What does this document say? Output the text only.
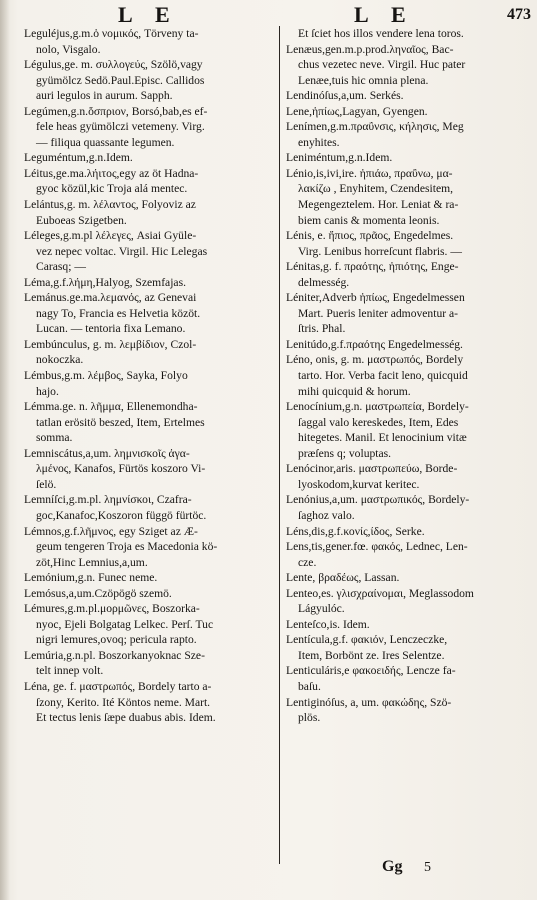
L E	L E	473
Leguléjus,g.m.ὁ νομικός, Törveny ta-
nolo, Visgalo.
Légulus,ge. m. συλλογεύς, Szölö,vagy
gyümölcz Sedö.Paul.Episc. Callidos
auri legulos in aurum. Sapph.
Legúmen,g.n.ὄσπριον, Borsó,bab,es ef-
fele heas gyümölczi vetemeny. Virg.
— filiqua quassante legumen.
Leguméntum,g.n.Idem.
Léitus,ge.ma.λήιτος,egy az öt Hadna-
gyoc közül,kic Troja alá mentec.
Lelántus,g. m. λέλαντος, Folyoviz az
Euboeas Szigetben.
Léleges,g.m.pl λέλεγες, Asiai Gyüle-
vez nepec voltac. Virgil. Hic Lelegas
Carasq; —
Léma,g.f.λήμη,Halyog, Szemfajas.
Lemánus.ge.ma.λεμανός, az Genevai
nagy To, Francia es Helvetia közöt.
Lucan. — tentoria fixa Lemano.
Lembúnculus, g. m. λεμβίδιον, Czol-
nokoczka.
Lémbus,g.m. λέμβος, Sayka, Folyo
hajo.
Lémma.ge. n. λῆμμα, Ellenemondha-
tatlan erösitö beszed, Item, Ertelmes
somma.
Lemniscátus,a,um. λημνισκοῖς ἀγα-
λμένος, Kanafos, Fürtös koszoro Vi-
ſelö.
Lemníſci,g.m.pl. λημνίσκοι, Czafra-
goc,Kanafoc,Koszoron függö fürtöc.
Lémnos,g.f.λῆμνος, egy Sziget az Æ-
geum tengeren Troja es Macedonia kö-
zöt,Hinc Lemnius,a,um.
Lemónium,g.n. Funec neme.
Lemósus,a,um.Czöpögö szemö.
Lémures,g.m.pl.μορμῶνες, Boszorka-
nyoc, Ejeli Bolgatag Lelkec. Perſ. Tuc
nigri lemures,ovoq; pericula rapto.
Lemúria,g.n.pl. Boszorkanyoknac Sze-
telt innep volt.
Léna, ge. f. μαστρωπός, Bordely tarto a-
ſzony, Kerito. Ité Köntos neme. Mart.
Et tectus lenis ſæpe duabus abis. Idem.
Et ſciet hos illos vendere lena toros.
Lenæus,gen.m.p.prod.ληναῖος, Bac-
chus vezetec neve. Virgil. Huc pater
Lenæe,tuis hic omnia plena.
Lendinóſus,a,um. Serkés.
Lene,ἠπίως,Lagyan, Gyengen.
Lenímen,g.m.πραΰνσις, κήλησις, Meg
enyhites.
Leniméntum,g.n.Idem.
Lénio,is,ivi,ire. ἠπιάω, πραΰνω, μα-
λακίζω , Enyhitem, Czendesitem,
Megengeztelem. Hor. Leniat & ra-
biem canis & momenta leonis.
Lénis, e. ἤπιος, πρᾶος, Engedelmes.
Virg. Lenibus horreſcunt flabris. —
Lénitas,g. f. πραότης, ἠπιότης, Enge-
delmesség.
Léniter,Adverb ἠπίως, Engedelmessen
Mart. Pueris leniter admoventur a-
ſtris. Phal.
Lenitúdo,g.f.πραότης Engedelmesség.
Léno, onis, g. m. μαστρωπός, Bordely
tarto. Hor. Verba facit leno, quicquid
mihi quicquid & horum.
Lenocínium,g.n. μαστρωπεία, Bordely-
ſaggal valo kereskedes, Item, Edes
hitegetes. Manil. Et lenocinium vitæ
præſens q; voluptas.
Lenócinor,aris. μαστρωπεύω, Borde-
lyoskodom,kurvat keritec.
Lenónius,a,um. μαστρωπικός, Bordely-
ſaghoz valo.
Léns,dis,g.f.κονίς,ίδος, Serke.
Lens,tis,gener.fœ. φακός, Lednec, Len-
cze.
Lente, βραδέως, Lassan.
Lenteo,es. γλισχραίνομαι, Meglassodom
Lágyulóc.
Lenteſco,is. Idem.
Lentícula,g.f. φακιόν, Lenczeczke,
Item, Borbönt ze. Ires Selentze.
Lenticuláris,e φακοειδής, Lencze fa-
baſu.
Lentiginóſus, a, um. φακώδης, Szö-
plös.
Gg 5
